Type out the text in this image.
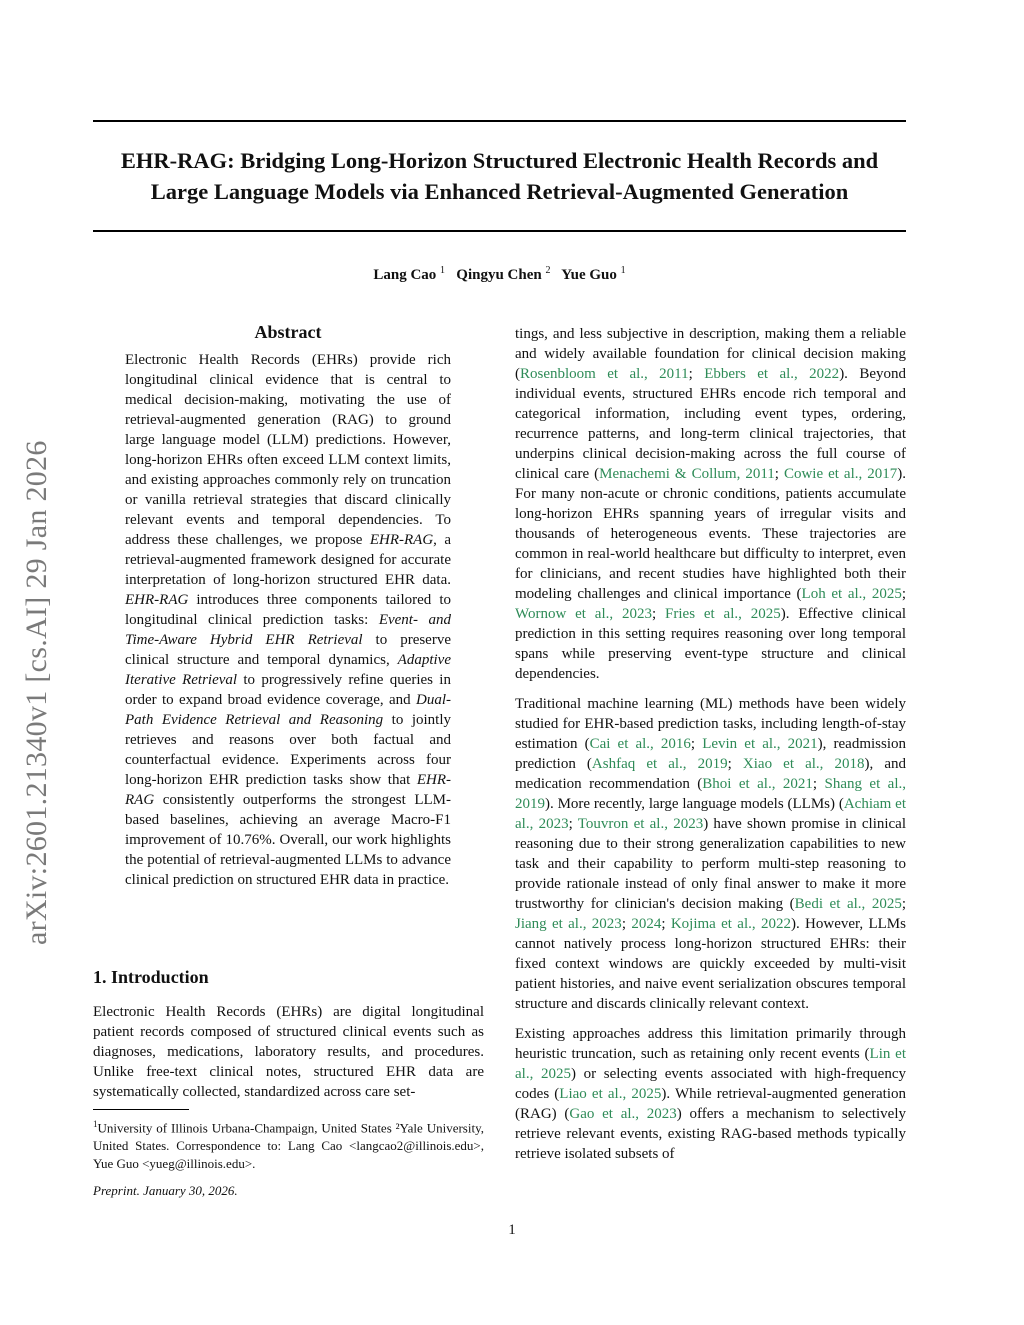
EHR-RAG: Bridging Long-Horizon Structured Electronic Health Records and Large Language Models via Enhanced Retrieval-Augmented Generation
Lang Cao $^1$ Qingyu Chen $^2$ Yue Guo $^1$
arXiv:2601.21340v1 [cs.AI] 29 Jan 2026
Abstract
Electronic Health Records (EHRs) provide rich longitudinal clinical evidence that is central to medical decision-making, motivating the use of retrieval-augmented generation (RAG) to ground large language model (LLM) predictions. However, long-horizon EHRs often exceed LLM context limits, and existing approaches commonly rely on truncation or vanilla retrieval strategies that discard clinically relevant events and temporal dependencies. To address these challenges, we propose EHR-RAG, a retrieval-augmented framework designed for accurate interpretation of long-horizon structured EHR data. EHR-RAG introduces three components tailored to longitudinal clinical prediction tasks: Event- and Time-Aware Hybrid EHR Retrieval to preserve clinical structure and temporal dynamics, Adaptive Iterative Retrieval to progressively refine queries in order to expand broad evidence coverage, and Dual-Path Evidence Retrieval and Reasoning to jointly retrieves and reasons over both factual and counterfactual evidence. Experiments across four long-horizon EHR prediction tasks show that EHR-RAG consistently outperforms the strongest LLM-based baselines, achieving an average Macro-F1 improvement of 10.76%. Overall, our work highlights the potential of retrieval-augmented LLMs to advance clinical prediction on structured EHR data in practice.
1. Introduction
Electronic Health Records (EHRs) are digital longitudinal patient records composed of structured clinical events such as diagnoses, medications, laboratory results, and procedures. Unlike free-text clinical notes, structured EHR data are systematically collected, standardized across care set-
$^1$University of Illinois Urbana-Champaign, United States ²Yale University, United States. Correspondence to: Lang Cao <langcao2@illinois.edu>, Yue Guo <yueg@illinois.edu>.
Preprint. January 30, 2026.

tings, and less subjective in description, making them a reliable and widely available foundation for clinical decision making (Rosenbloom et al., 2011; Ebbers et al., 2022). Beyond individual events, structured EHRs encode rich temporal and categorical information, including event types, ordering, recurrence patterns, and long-term clinical trajectories, that underpins clinical decision-making across the full course of clinical care (Menachemi & Collum, 2011; Cowie et al., 2017). For many non-acute or chronic conditions, patients accumulate long-horizon EHRs spanning years of irregular visits and thousands of heterogeneous events. These trajectories are common in real-world healthcare but difficulty to interpret, even for clinicians, and recent studies have highlighted both their modeling challenges and clinical importance (Loh et al., 2025; Wornow et al., 2023; Fries et al., 2025). Effective clinical prediction in this setting requires reasoning over long temporal spans while preserving event-type structure and clinical dependencies.

Traditional machine learning (ML) methods have been widely studied for EHR-based prediction tasks, including length-of-stay estimation (Cai et al., 2016; Levin et al., 2021), readmission prediction (Ashfaq et al., 2019; Xiao et al., 2018), and medication recommendation (Bhoi et al., 2021; Shang et al., 2019). More recently, large language models (LLMs) (Achiam et al., 2023; Touvron et al., 2023) have shown promise in clinical reasoning due to their strong generalization capabilities to new task and their capability to perform multi-step reasoning to provide rationale instead of only final answer to make it more trustworthy for clinician's decision making (Bedi et al., 2025; Jiang et al., 2023; 2024; Kojima et al., 2022). However, LLMs cannot natively process long-horizon structured EHRs: their fixed context windows are quickly exceeded by multi-visit patient histories, and naive event serialization obscures temporal structure and discards clinically relevant context.

Existing approaches address this limitation primarily through heuristic truncation, such as retaining only recent events (Lin et al., 2025) or selecting events associated with high-frequency codes (Liao et al., 2025). While retrieval-augmented generation (RAG) (Gao et al., 2023) offers a mechanism to selectively retrieve relevant events, existing RAG-based methods typically retrieve isolated subsets of

1
